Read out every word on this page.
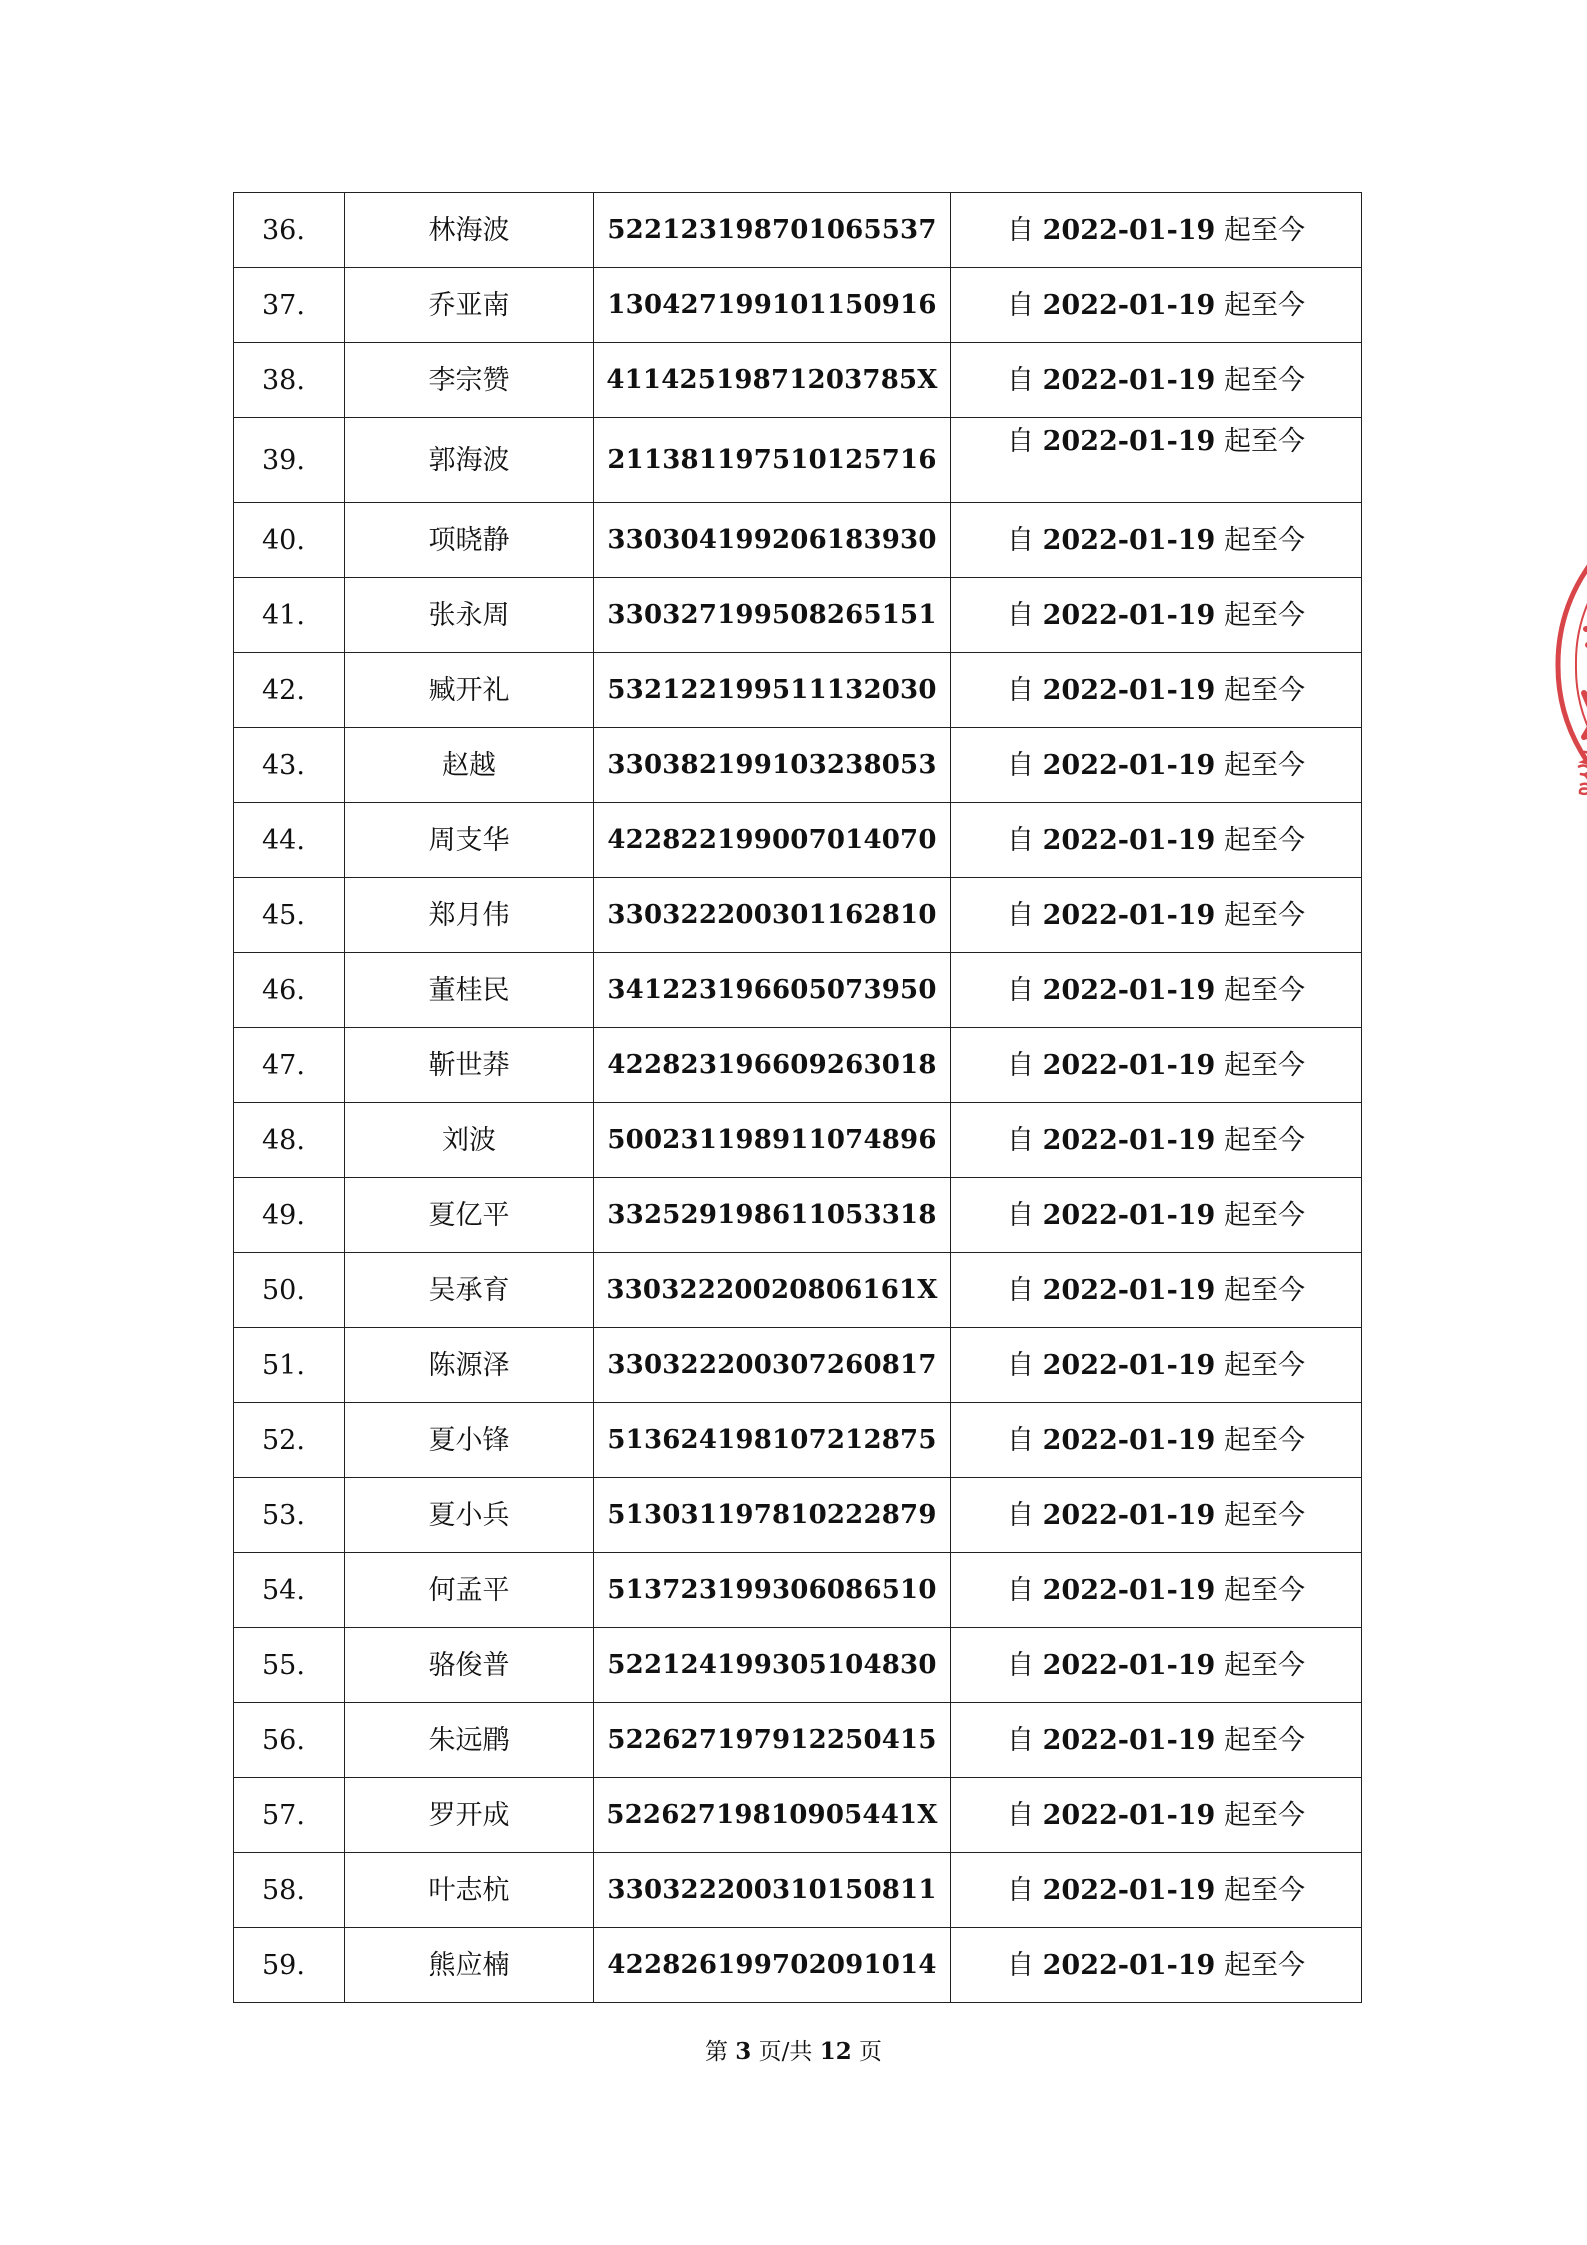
36.	林海波	522123198701065537	自 2022-01-19 起至今
37.	乔亚南	130427199101150916	自 2022-01-19 起至今
38.	李宗赞	41142519871203785X	自 2022-01-19 起至今
39.	郭海波	211381197510125716	自 2022-01-19 起至今
40.	项晓静	330304199206183930	自 2022-01-19 起至今
41.	张永周	330327199508265151	自 2022-01-19 起至今
42.	臧开礼	532122199511132030	自 2022-01-19 起至今
43.	赵越	330382199103238053	自 2022-01-19 起至今
44.	周支华	422822199007014070	自 2022-01-19 起至今
45.	郑月伟	330322200301162810	自 2022-01-19 起至今
46.	董桂民	341223196605073950	自 2022-01-19 起至今
47.	靳世莽	422823196609263018	自 2022-01-19 起至今
48.	刘波	500231198911074896	自 2022-01-19 起至今
49.	夏亿平	332529198611053318	自 2022-01-19 起至今
50.	吴承育	33032220020806161X	自 2022-01-19 起至今
51.	陈源泽	330322200307260817	自 2022-01-19 起至今
52.	夏小锋	513624198107212875	自 2022-01-19 起至今
53.	夏小兵	513031197810222879	自 2022-01-19 起至今
54.	何孟平	513723199306086510	自 2022-01-19 起至今
55.	骆俊普	522124199305104830	自 2022-01-19 起至今
56.	朱远鹛	522627197912250415	自 2022-01-19 起至今
57.	罗开成	52262719810905441X	自 2022-01-19 起至今
58.	叶志杭	330322200310150811	自 2022-01-19 起至今
59.	熊应楠	422826199702091014	自 2022-01-19 起至今
第 3 页/共 12 页
